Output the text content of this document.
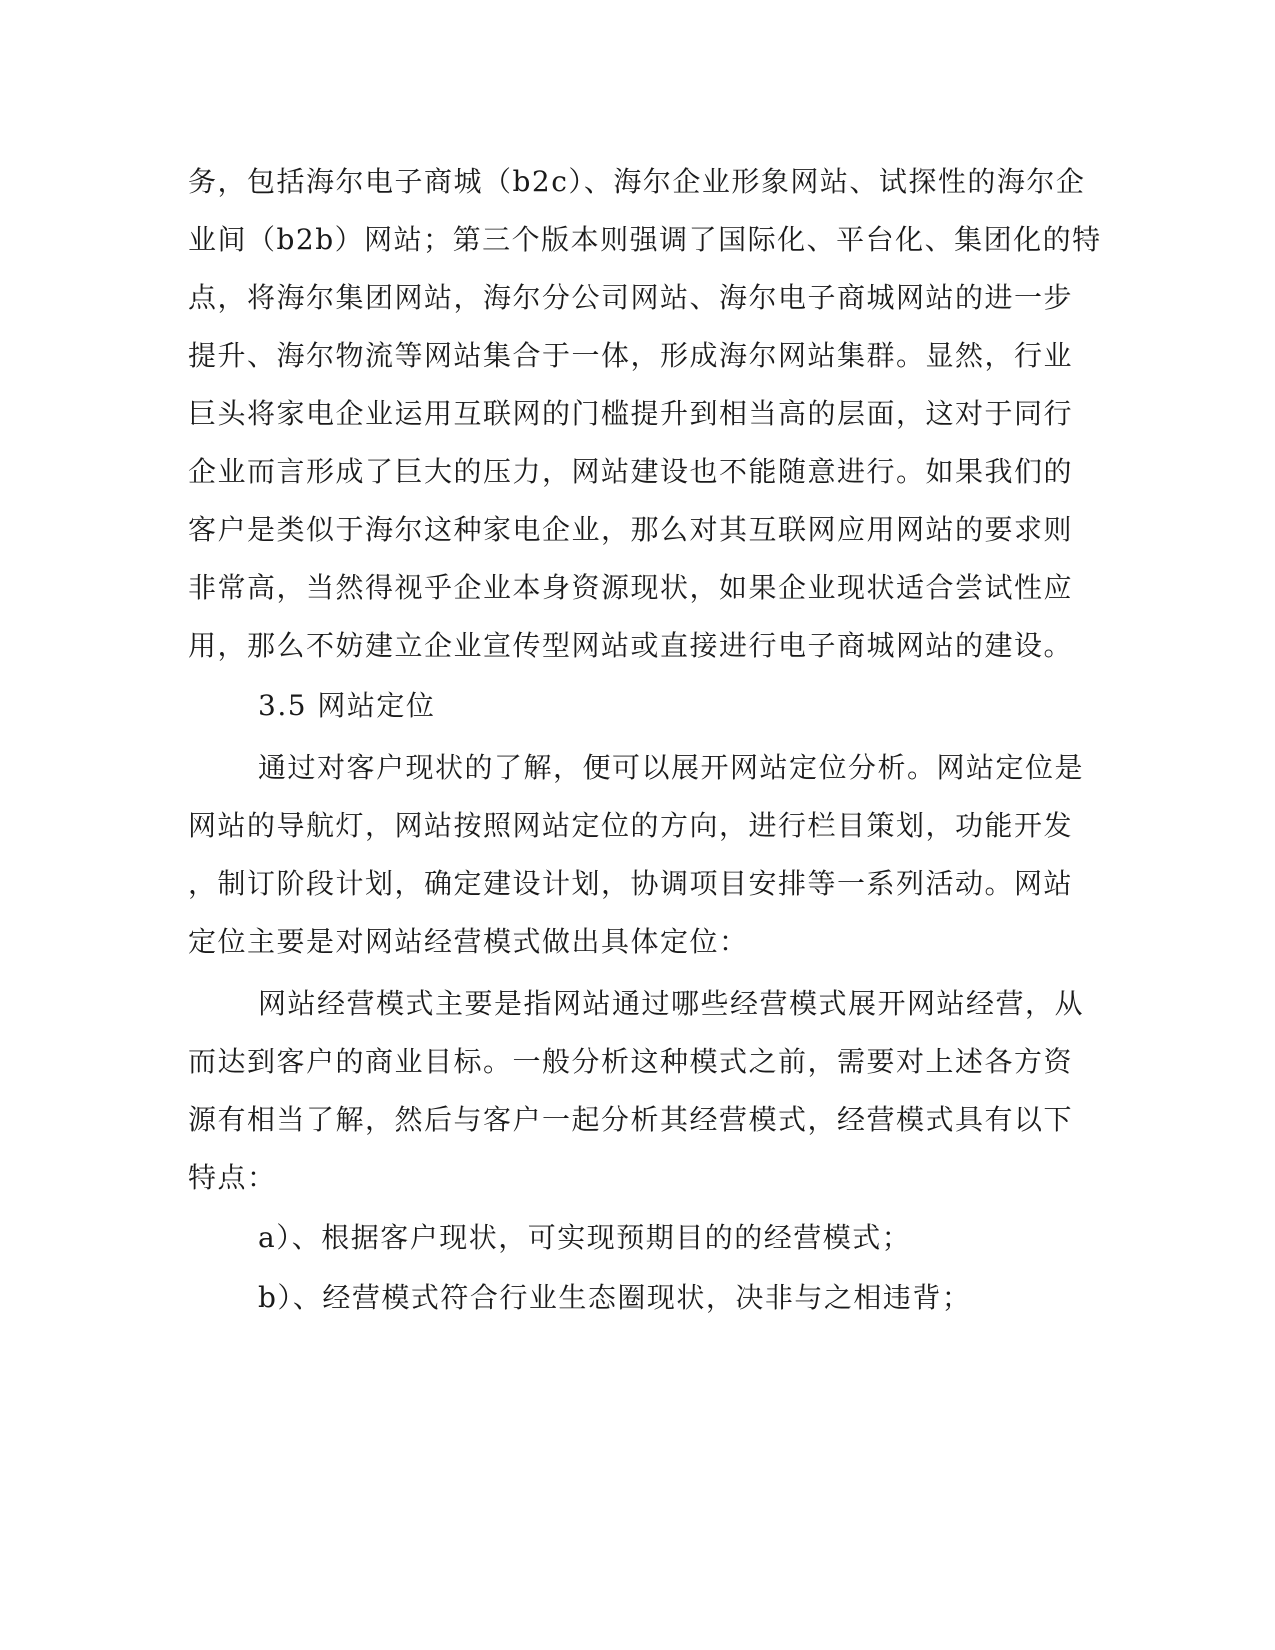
务，包括海尔电子商城（b2c）、海尔企业形象网站、试探性的海尔企
业间（b2b）网站；第三个版本则强调了国际化、平台化、集团化的特
点，将海尔集团网站，海尔分公司网站、海尔电子商城网站的进一步
提升、海尔物流等网站集合于一体，形成海尔网站集群。显然，行业
巨头将家电企业运用互联网的门槛提升到相当高的层面，这对于同行
企业而言形成了巨大的压力，网站建设也不能随意进行。如果我们的
客户是类似于海尔这种家电企业，那么对其互联网应用网站的要求则
非常高，当然得视乎企业本身资源现状，如果企业现状适合尝试性应
用，那么不妨建立企业宣传型网站或直接进行电子商城网站的建设。
3.5 网站定位
通过对客户现状的了解，便可以展开网站定位分析。网站定位是
网站的导航灯，网站按照网站定位的方向，进行栏目策划，功能开发
，制订阶段计划，确定建设计划，协调项目安排等一系列活动。网站
定位主要是对网站经营模式做出具体定位：
网站经营模式主要是指网站通过哪些经营模式展开网站经营，从
而达到客户的商业目标。一般分析这种模式之前，需要对上述各方资
源有相当了解，然后与客户一起分析其经营模式，经营模式具有以下
特点：
a）、根据客户现状，可实现预期目的的经营模式；
b）、经营模式符合行业生态圈现状，决非与之相违背；
